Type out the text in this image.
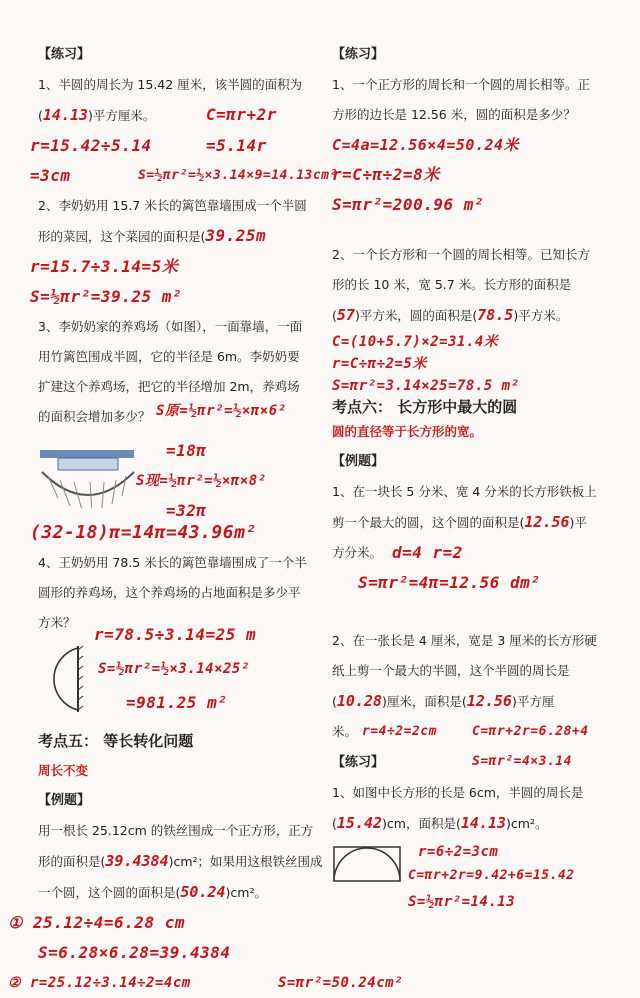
【练习】
1、半圆的周长为 15.42 厘米，该半圆的面积为
(14.13)平方厘米。	C=πr+2r
r=15.42÷5.14	=5.14r
=3cm	S=½πr²=½×3.14×9=14.13cm²
2、李奶奶用 15.7 米长的篱笆靠墙围成一个半圆
形的菜园，这个菜园的面积是(39.25m
r=15.7÷3.14=5米
S=½πr²=39.25 m²
3、李奶奶家的养鸡场（如图），一面靠墙，一面
用竹篱笆围成半圆，它的半径是 6m。李奶奶要
扩建这个养鸡场，把它的半径增加 2m，养鸡场
的面积会增加多少？ S原=½πr²=½×π×6²
=18π
S现=½πr²=½×π×8²
=32π
(32-18)π=14π=43.96m²
4、王奶奶用 78.5 米长的篱笆靠墙围成了一个半
圆形的养鸡场，这个养鸡场的占地面积是多少平
方米？
r=78.5÷3.14=25 m
S=½πr²=½×3.14×25²
=981.25 m²
考点五： 等长转化问题
周长不变
【例题】
用一根长 25.12cm 的铁丝围成一个正方形，正方
形的面积是(39.4384)cm²；如果用这根铁丝围成
一个圆，这个圆的面积是(50.24)cm²。
① 25.12÷4=6.28 cm
S=6.28×6.28=39.4384
② r=25.12÷3.14÷2=4cm	S=πr²=50.24cm²
【练习】
1、一个正方形的周长和一个圆的周长相等。正
方形的边长是 12.56 米，圆的面积是多少？
C=4a=12.56×4=50.24米
r=C÷π÷2=8米
S=πr²=200.96 m²
2、一个长方形和一个圆的周长相等。已知长方
形的长 10 米，宽 5.7 米。长方形的面积是
(57)平方米，圆的面积是(78.5)平方米。
C=(10+5.7)×2=31.4米
r=C÷π÷2=5米
S=πr²=3.14×25=78.5 m²
考点六： 长方形中最大的圆
圆的直径等于长方形的宽。
【例题】
1、在一块长 5 分米、宽 4 分米的长方形铁板上
剪一个最大的圆，这个圆的面积是(12.56)平
方分米。 d=4 r=2
S=πr²=4π=12.56 dm²
2、在一张长是 4 厘米，宽是 3 厘米的长方形硬
纸上剪一个最大的半圆，这个半圆的周长是
(10.28)厘米，面积是(12.56)平方厘
米。 r=4÷2=2cm	C=πr+2r=6.28+4
【练习】	S=πr²=4×3.14
1、如图中长方形的长是 6cm，半圆的周长是
(15.42)cm，面积是(14.13)cm²。
r=6÷2=3cm
C=πr+2r=9.42+6=15.42
S=½πr²=14.13
